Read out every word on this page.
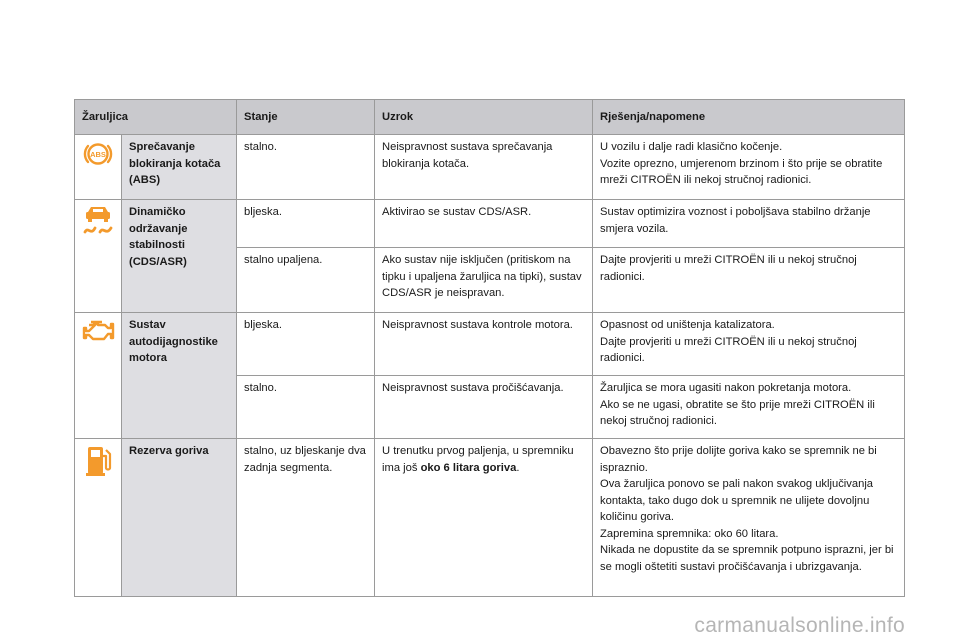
Žaruljica		Stanje	Uzrok	Rješenja/napomene

ABS	Sprečavanje blokiranja kotača (ABS)	stalno.	Neispravnost sustava sprečavanja blokiranja kotača.	U vozilu i dalje radi klasično kočenje.
Vozite oprezno, umjerenom brzinom i što prije se obratite mreži CITROËN ili nekoj stručnoj radionici.

	Dinamičko održavanje stabilnosti (CDS/ASR)	bljeska.	Aktivirao se sustav CDS/ASR.	Sustav optimizira voznost i poboljšava stabilno držanje smjera vozila.

		stalno upaljena.	Ako sustav nije isključen (pritiskom na tipku i upaljena žaruljica na tipki), sustav CDS/ASR je neispravan.	Dajte provjeriti u mreži CITROËN ili u nekoj stručnoj radionici.

	Sustav autodijagnostike motora	bljeska.	Neispravnost sustava kontrole motora.	Opasnost od uništenja katalizatora.
Dajte provjeriti u mreži CITROËN ili u nekoj stručnoj radionici.

		stalno.	Neispravnost sustava pročišćavanja.	Žaruljica se mora ugasiti nakon pokretanja motora.
Ako se ne ugasi, obratite se što prije mreži CITROËN ili nekoj stručnoj radionici.

	Rezerva goriva	stalno, uz bljeskanje dva zadnja segmenta.	U trenutku prvog paljenja, u spremniku ima još oko 6 litara goriva.	Obavezno što prije dolijte goriva kako se spremnik ne bi ispraznio.
Ova žaruljica ponovo se pali nakon svakog uključivanja kontakta, tako dugo dok u spremnik ne ulijete dovoljnu količinu goriva.
Zapremina spremnika: oko 60 litara.
Nikada ne dopustite da se spremnik potpuno isprazni, jer bi se mogli oštetiti sustavi pročišćavanja i ubrizgavanja.
carmanualsonline.info
